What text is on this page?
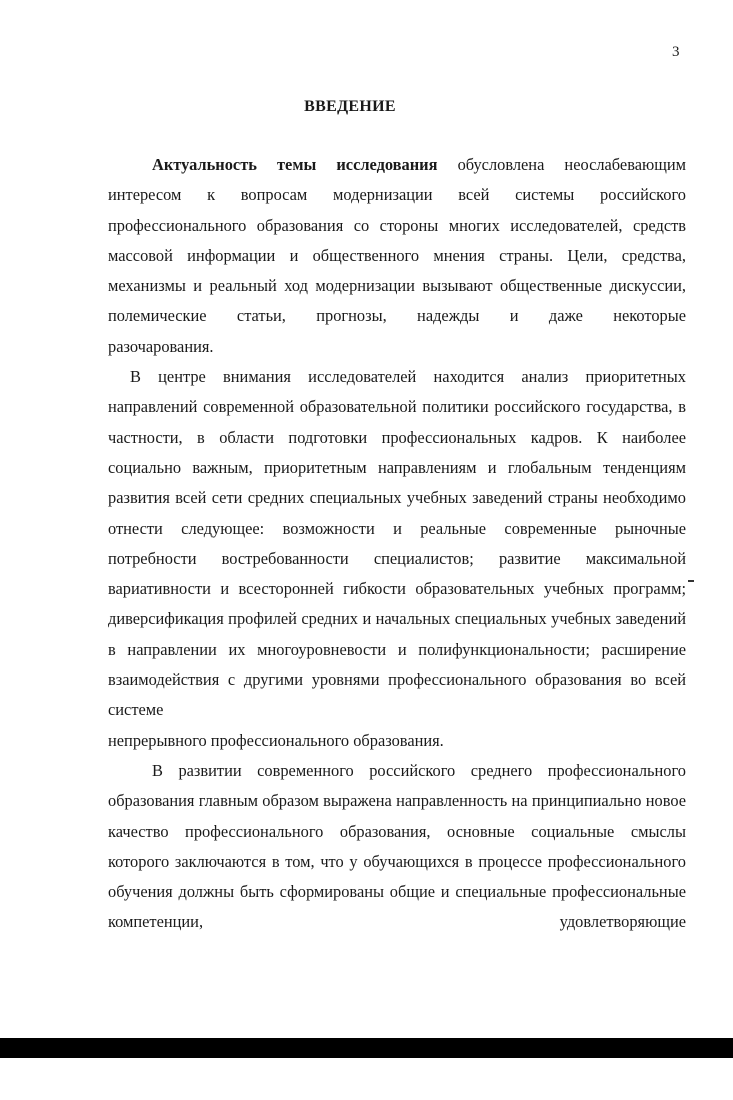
3
ВВЕДЕНИЕ

Актуальность темы исследования обусловлена неослабевающим интересом к вопросам модернизации всей системы российского профессионального образования со стороны многих исследователей, средств массовой информации и общественного мнения страны. Цели, средства, механизмы и реальный ход модернизации вызывают общественные дискуссии, полемические статьи, прогнозы, надежды и даже некоторые

разочарования.

В центре внимания исследователей находится анализ приоритетных направлений современной образовательной политики российского государства, в частности, в области подготовки профессиональных кадров. К наиболее социально важным, приоритетным направлениям и глобальным тенденциям развития всей сети средних специальных учебных заведений страны необходимо отнести следующее: возможности и реальные современные рыночные потребности востребованности специалистов; развитие максимальной вариативности и всесторонней гибкости образовательных учебных программ; диверсификация профилей средних и начальных специальных учебных заведений в направлении их многоуровневости и полифункциональности; расширение взаимодействия с другими уровнями профессионального образования во всей системе

непрерывного профессионального образования.

В развитии современного российского среднего профессионального образования главным образом выражена направленность на принципиально новое качество профессионального образования, основные социальные смыслы которого заключаются в том, что у обучающихся в процессе профессионального обучения должны быть сформированы общие и специальные профессиональные компетенции, удовлетворяющие
